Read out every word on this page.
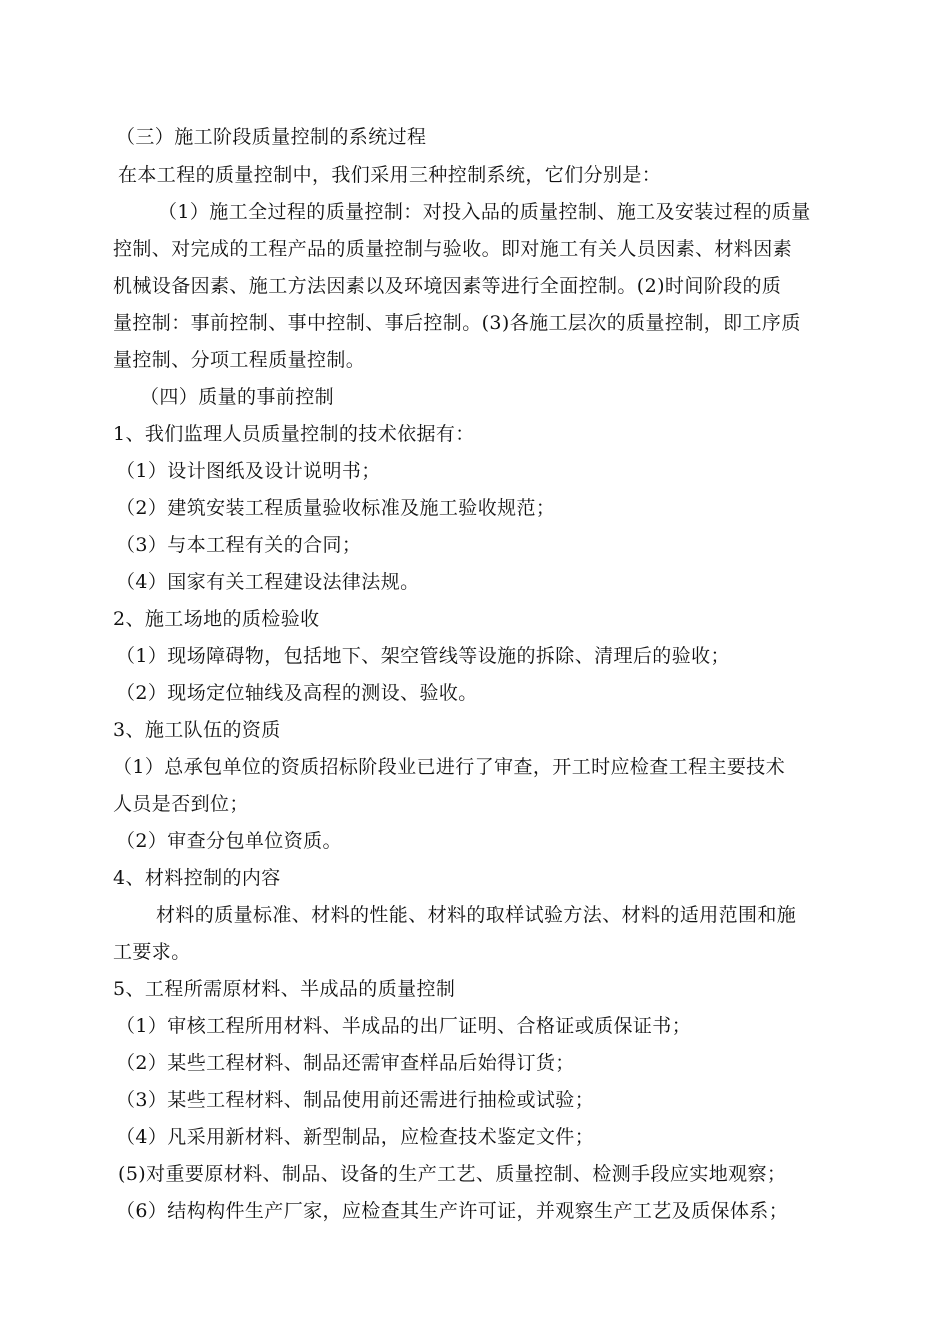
（三）施工阶段质量控制的系统过程
在本工程的质量控制中，我们采用三种控制系统，它们分别是：
（1）施工全过程的质量控制：对投入品的质量控制、施工及安装过程的质量
控制、对完成的工程产品的质量控制与验收。即对施工有关人员因素、材料因素
机械设备因素、施工方法因素以及环境因素等进行全面控制。(2)时间阶段的质
量控制：事前控制、事中控制、事后控制。(3)各施工层次的质量控制，即工序质
量控制、分项工程质量控制。
（四）质量的事前控制
1、我们监理人员质量控制的技术依据有：
（1）设计图纸及设计说明书；
（2）建筑安装工程质量验收标准及施工验收规范；
（3）与本工程有关的合同；
（4）国家有关工程建设法律法规。
2、施工场地的质检验收
（1）现场障碍物，包括地下、架空管线等设施的拆除、清理后的验收；
（2）现场定位轴线及高程的测设、验收。
3、施工队伍的资质
（1）总承包单位的资质招标阶段业已进行了审查，开工时应检查工程主要技术
人员是否到位；
（2）审查分包单位资质。
4、材料控制的内容
材料的质量标准、材料的性能、材料的取样试验方法、材料的适用范围和施
工要求。
5、工程所需原材料、半成品的质量控制
（1）审核工程所用材料、半成品的出厂证明、合格证或质保证书；
（2）某些工程材料、制品还需审查样品后始得订货；
（3）某些工程材料、制品使用前还需进行抽检或试验；
（4）凡采用新材料、新型制品，应检查技术鉴定文件；
(5)对重要原材料、制品、设备的生产工艺、质量控制、检测手段应实地观察；
（6）结构构件生产厂家，应检查其生产许可证，并观察生产工艺及质保体系；
